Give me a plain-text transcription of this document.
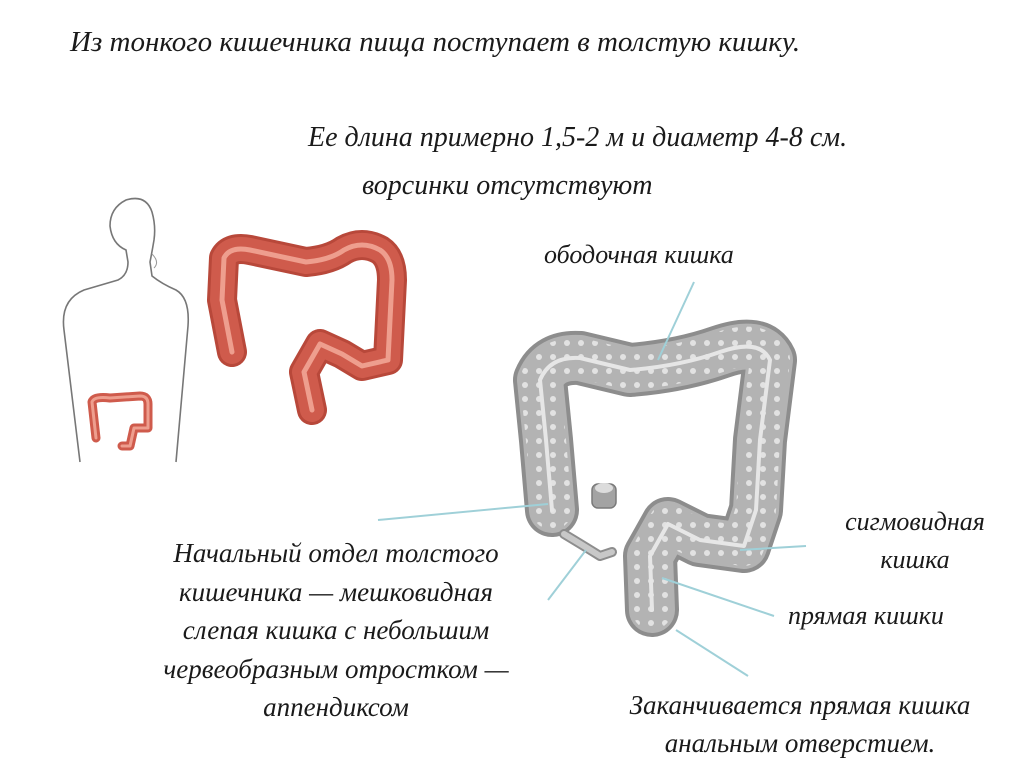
Из тонкого кишечника пища поступает в толстую кишку.
Ее длина примерно 1,5-2 м и диаметр 4-8 см.
ворсинки отсутствуют
ободочная кишка
Начальный отдел толстого
кишечника — мешковидная
слепая кишка с небольшим
червеобразным отростком —
аппендиксом
сигмовидная
кишка
прямая кишки
Заканчивается прямая кишка
анальным отверстием.
